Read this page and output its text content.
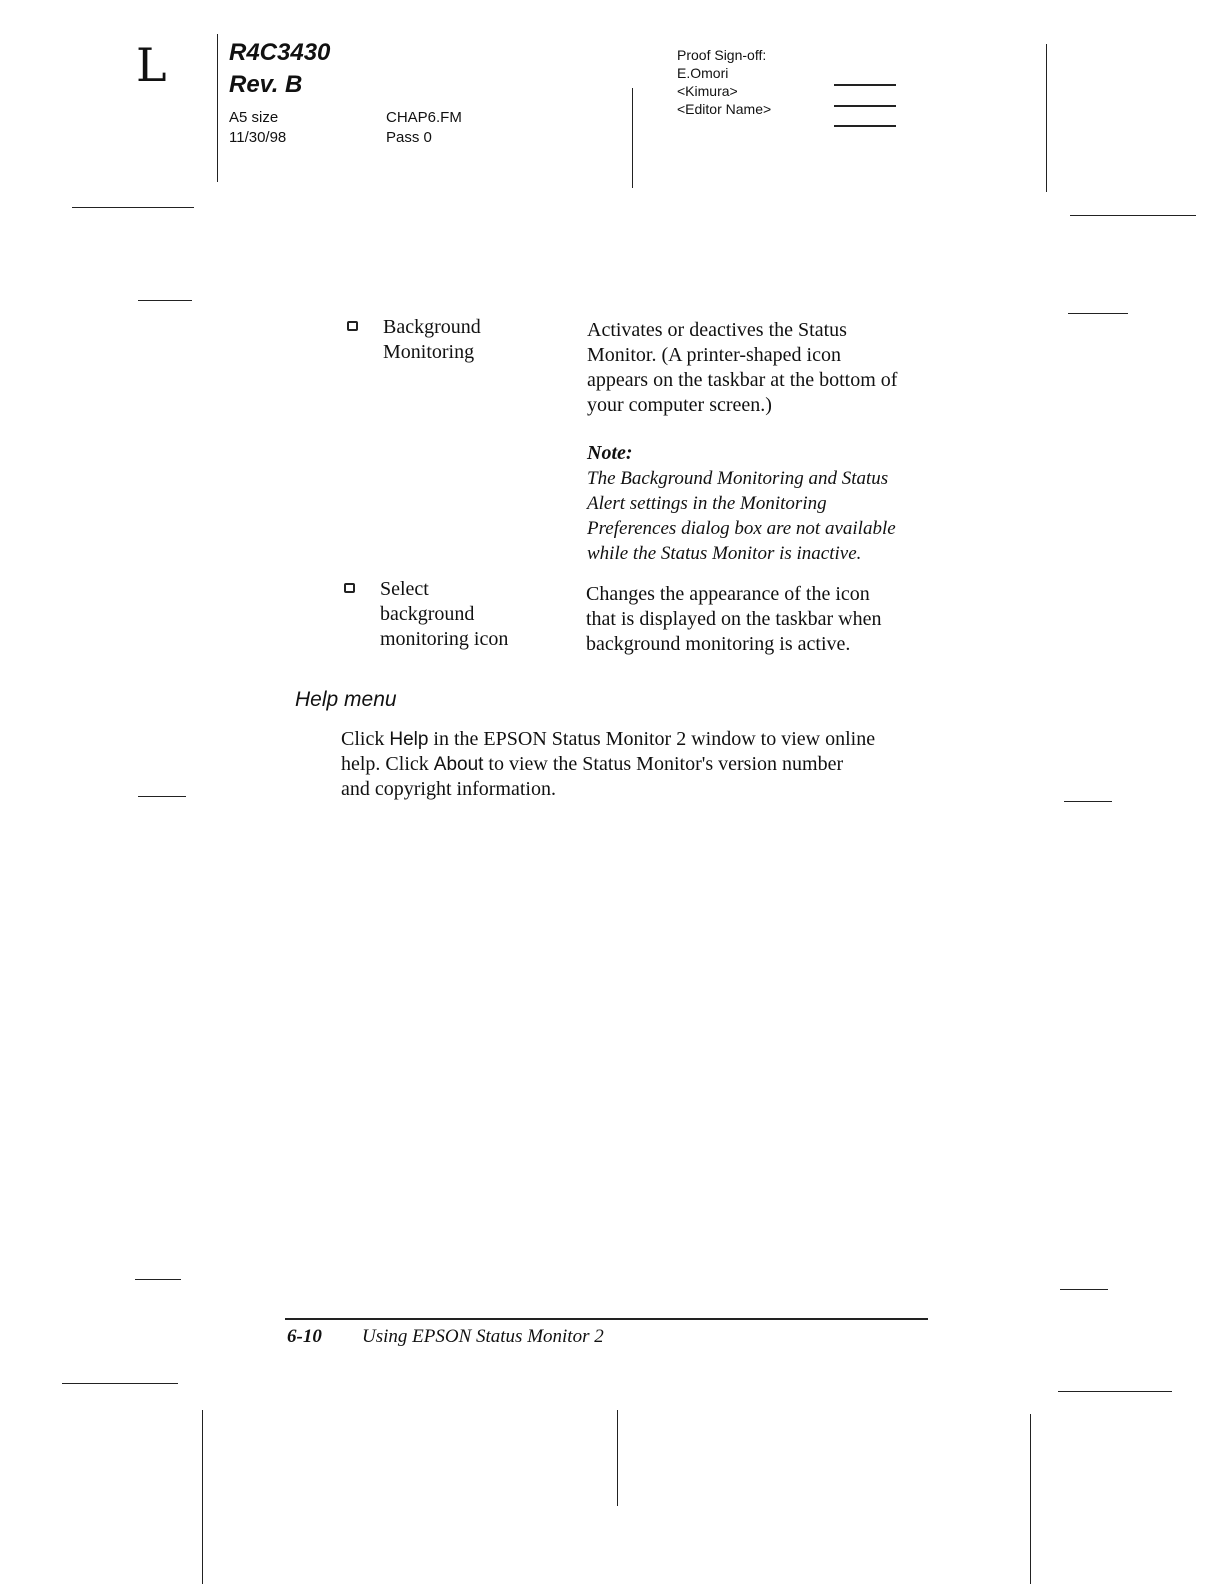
L	R4C3430
Rev. B
A5 size
11/30/98
CHAP6.FM
Pass 0
Proof Sign-off:
E.Omori
<Kimura>
<Editor Name>
Background
Monitoring
Activates or deactives the Status
Monitor. (A printer-shaped icon
appears on the taskbar at the bottom of
your computer screen.)
Note:
The Background Monitoring and Status
Alert settings in the Monitoring
Preferences dialog box are not available
while the Status Monitor is inactive.
Select
background
monitoring icon
Changes the appearance of the icon
that is displayed on the taskbar when
background monitoring is active.
Help menu
Click Help in the EPSON Status Monitor 2 window to view online
help. Click About to view the Status Monitor's version number
and copyright information.
6-10 Using EPSON Status Monitor 2
